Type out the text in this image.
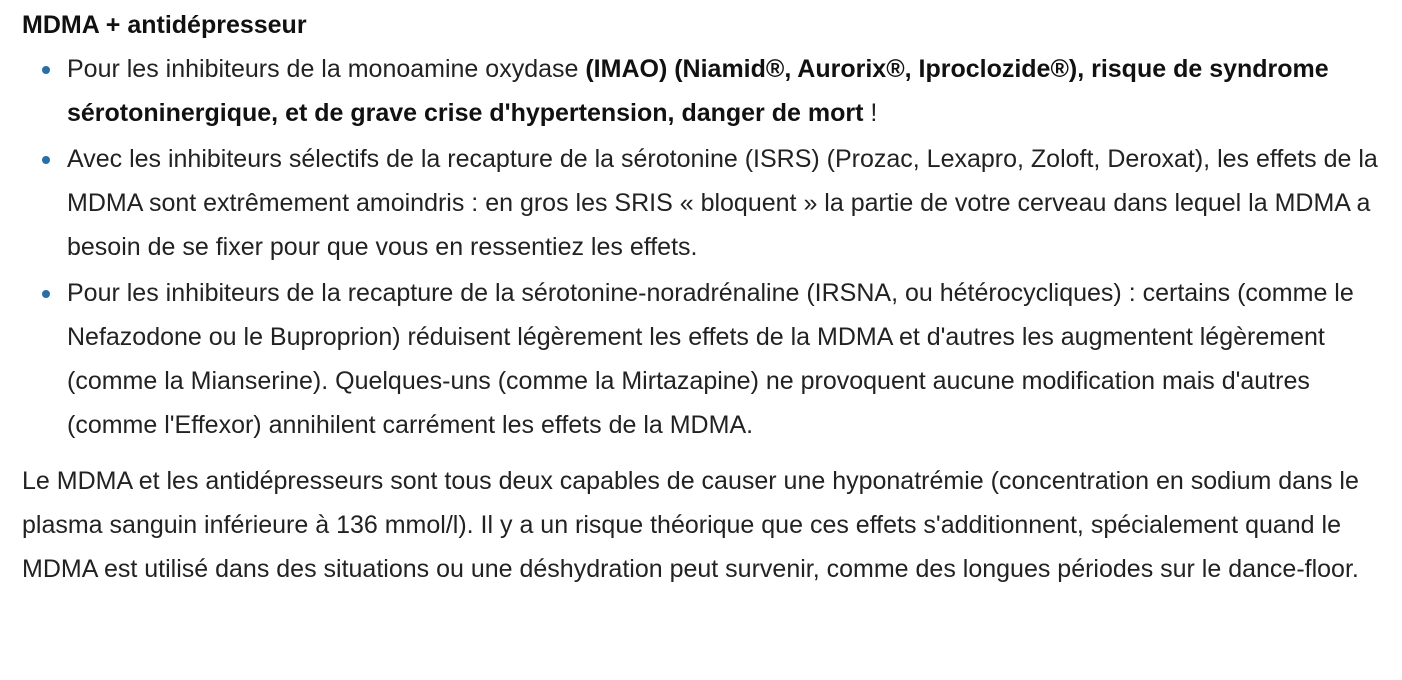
MDMA + antidépresseur
Pour les inhibiteurs de la monoamine oxydase (IMAO) (Niamid®, Aurorix®, Iproclozide®), risque de syndrome sérotoninergique, et de grave crise d'hypertension, danger de mort !
Avec les inhibiteurs sélectifs de la recapture de la sérotonine (ISRS) (Prozac, Lexapro, Zoloft, Deroxat), les effets de la MDMA sont extrêmement amoindris : en gros les SRIS « bloquent » la partie de votre cerveau dans lequel la MDMA a besoin de se fixer pour que vous en ressentiez les effets.
Pour les inhibiteurs de la recapture de la sérotonine-noradrénaline (IRSNA, ou hétérocycliques) : certains (comme le Nefazodone ou le Buproprion) réduisent légèrement les effets de la MDMA et d'autres les augmentent légèrement (comme la Mianserine). Quelques-uns (comme la Mirtazapine) ne provoquent aucune modification mais d'autres (comme l'Effexor) annihilent carrément les effets de la MDMA.

Le MDMA et les antidépresseurs sont tous deux capables de causer une hyponatrémie (concentration en sodium dans le plasma sanguin inférieure à 136 mmol/l). Il y a un risque théorique que ces effets s'additionnent, spécialement quand le MDMA est utilisé dans des situations ou une déshydration peut survenir, comme des longues périodes sur le dance-floor.
